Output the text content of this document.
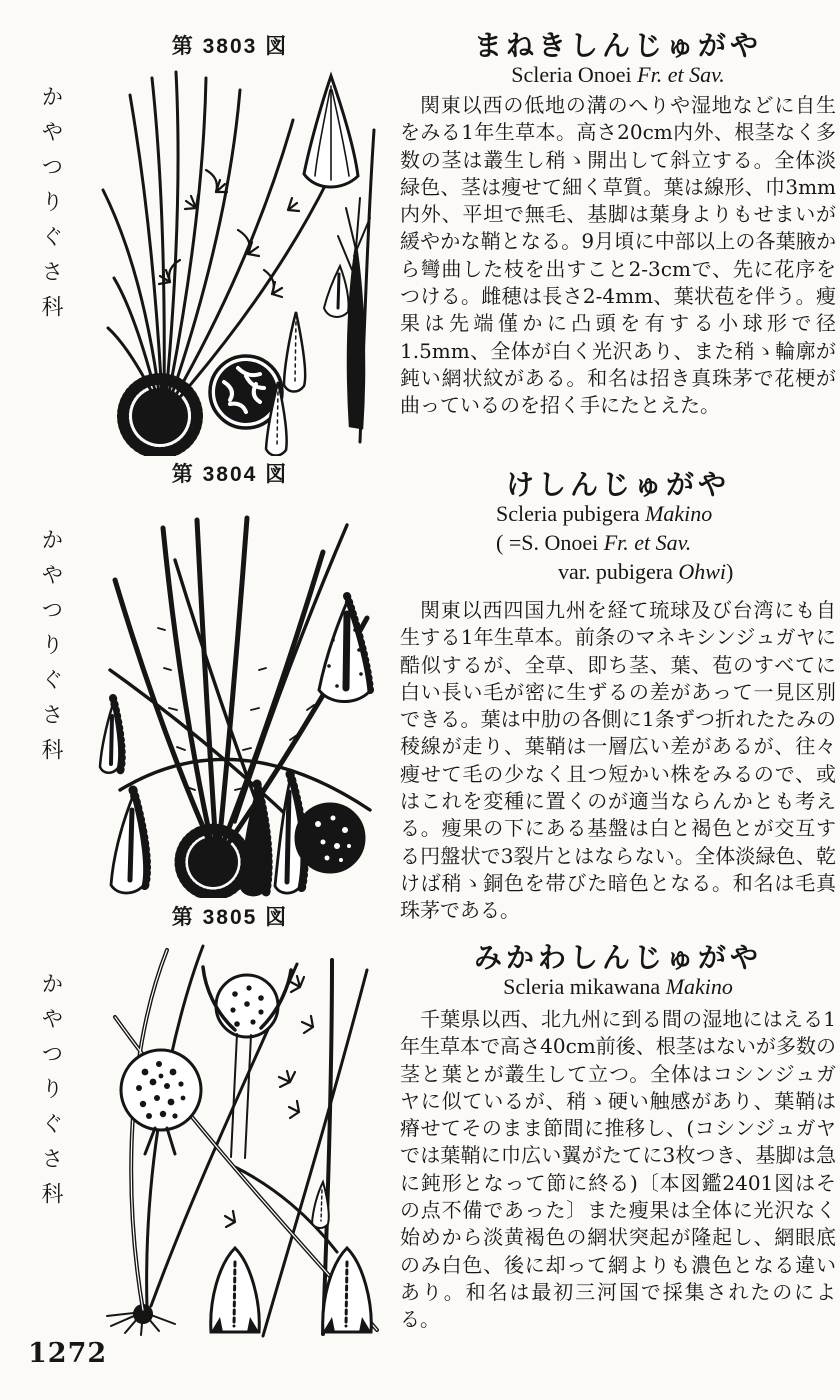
第 3803 図
かやつりぐさ科
まねきしんじゅがや
Scleria Onoei Fr. et Sav.

関東以西の低地の溝のへりや湿地などに自生をみる1年生草本。高さ20cm内外、根茎なく多数の茎は叢生し稍ゝ開出して斜立する。全体淡緑色、茎は瘦せて細く草質。葉は線形、巾3mm内外、平坦で無毛、基脚は葉身よりもせまいが緩やかな鞘となる。9月頃に中部以上の各葉腋から彎曲した枝を出すこと2-3cmで、先に花序をつける。雌穂は長さ2-4mm、葉状苞を伴う。瘦果は先端僅かに凸頭を有する小球形で径1.5mm、全体が白く光沢あり、また稍ゝ輪廓が鈍い網状紋がある。和名は招き真珠茅で花梗が曲っているのを招く手にたとえた。

第 3804 図
かやつりぐさ科
けしんじゅがや
Scleria pubigera Makino
( =S. Onoei Fr. et Sav.
var. pubigera Ohwi)

関東以西四国九州を経て琉球及び台湾にも自生する1年生草本。前条のマネキシンジュガヤに酷似するが、全草、即ち茎、葉、苞のすべてに白い長い毛が密に生ずるの差があって一見区別できる。葉は中肋の各側に1条ずつ折れたたみの稜線が走り、葉鞘は一層広い差があるが、往々瘦せて毛の少なく且つ短かい株をみるので、或はこれを変種に置くのが適当ならんかとも考える。瘦果の下にある基盤は白と褐色とが交互する円盤状で3裂片とはならない。全体淡緑色、乾けば稍ゝ銅色を帯びた暗色となる。和名は毛真珠茅である。

第 3805 図
かやつりぐさ科
みかわしんじゅがや
Scleria mikawana Makino

千葉県以西、北九州に到る間の湿地にはえる1年生草本で高さ40cm前後、根茎はないが多数の茎と葉とが叢生して立つ。全体はコシンジュガヤに似ているが、稍ゝ硬い触感があり、葉鞘は瘠せてそのまま節間に推移し、(コシンジュガヤでは葉鞘に巾広い翼がたてに3枚つき、基脚は急に鈍形となって節に終る)〔本図鑑2401図はその点不備であった〕また瘦果は全体に光沢なく始めから淡黄褐色の網状突起が隆起し、網眼底のみ白色、後に却って網よりも濃色となる違いあり。和名は最初三河国で採集されたのによる。

1272
